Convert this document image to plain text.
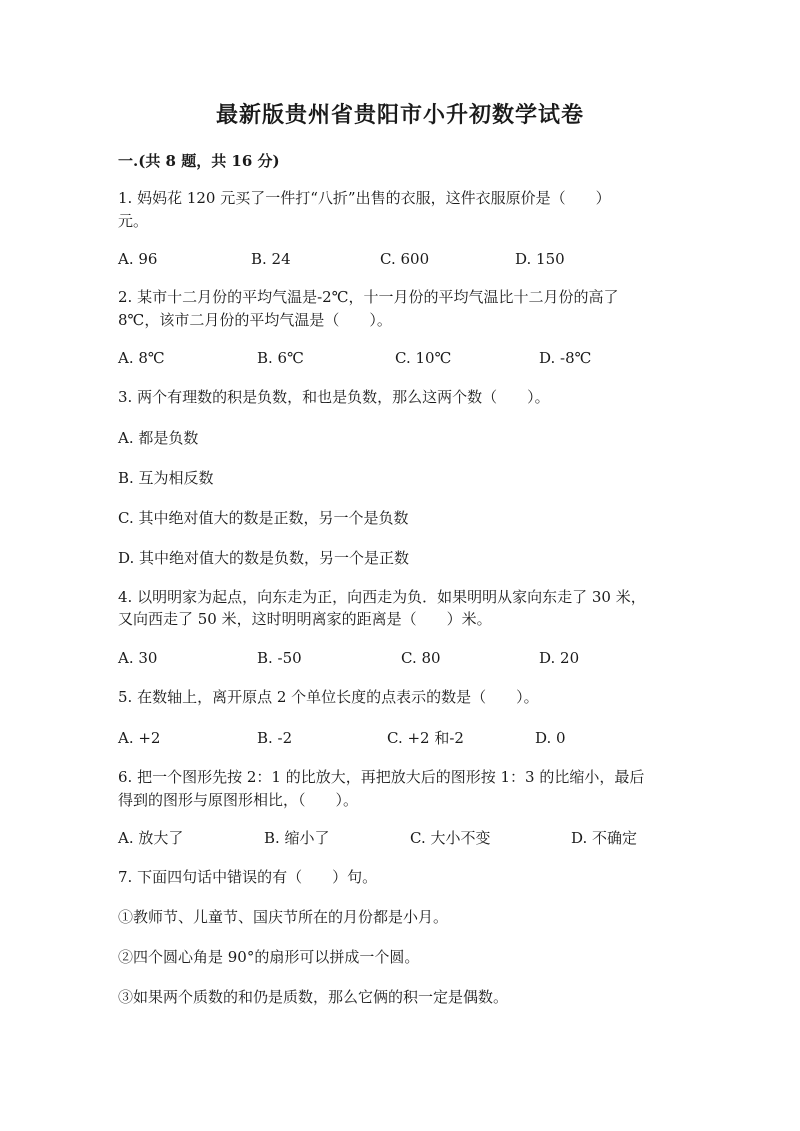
最新版贵州省贵阳市小升初数学试卷
一.(共 8 题，共 16 分)
1. 妈妈花 120 元买了一件打“八折”出售的衣服，这件衣服原价是（　　）
元。
A. 96	B. 24	C. 600	D. 150
2. 某市十二月份的平均气温是-2℃，十一月份的平均气温比十二月份的高了
8℃，该市二月份的平均气温是（　　）。
A. 8℃	B. 6℃	C. 10℃	D. -8℃
3. 两个有理数的积是负数，和也是负数，那么这两个数（　　）。
A. 都是负数
B. 互为相反数
C. 其中绝对值大的数是正数，另一个是负数
D. 其中绝对值大的数是负数，另一个是正数
4. 以明明家为起点，向东走为正，向西走为负．如果明明从家向东走了 30 米，
又向西走了 50 米，这时明明离家的距离是（　　）米。
A. 30	B. -50	C. 80	D. 20
5. 在数轴上，离开原点 2 个单位长度的点表示的数是（　　）。
A. +2	B. -2	C. +2 和-2	D. 0
6. 把一个图形先按 2：1 的比放大，再把放大后的图形按 1：3 的比缩小，最后
得到的图形与原图形相比，（　　）。
A. 放大了	B. 缩小了	C. 大小不变	D. 不确定
7. 下面四句话中错误的有（　　）句。
①教师节、儿童节、国庆节所在的月份都是小月。
②四个圆心角是 90°的扇形可以拼成一个圆。
③如果两个质数的和仍是质数，那么它俩的积一定是偶数。
